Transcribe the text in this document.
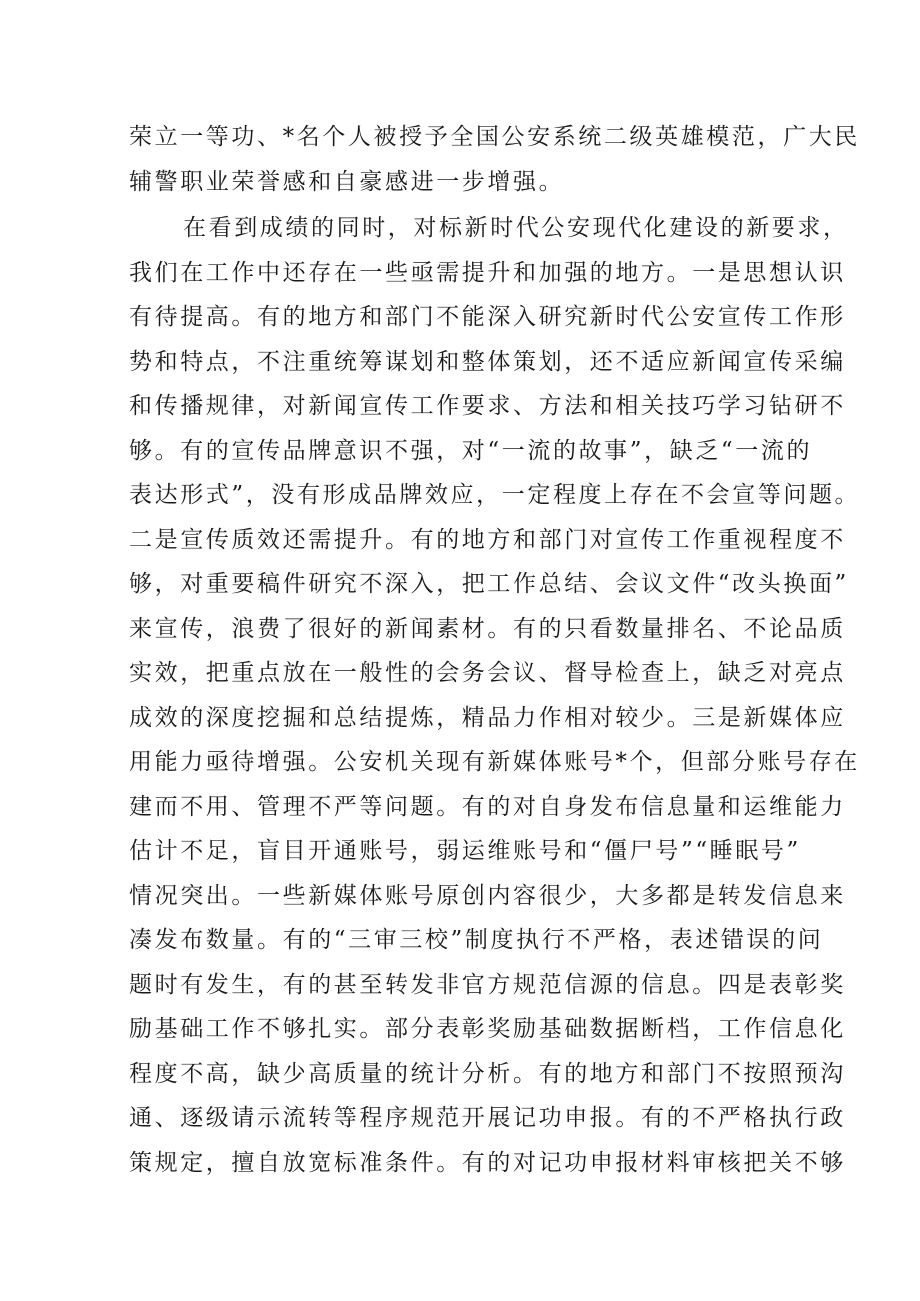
荣立一等功、*名个人被授予全国公安系统二级英雄模范，广大民
辅警职业荣誉感和自豪感进一步增强。
在看到成绩的同时，对标新时代公安现代化建设的新要求，
我们在工作中还存在一些亟需提升和加强的地方。一是思想认识
有待提高。有的地方和部门不能深入研究新时代公安宣传工作形
势和特点，不注重统筹谋划和整体策划，还不适应新闻宣传采编
和传播规律，对新闻宣传工作要求、方法和相关技巧学习钻研不
够。有的宣传品牌意识不强，对“一流的故事”，缺乏“一流的
表达形式”，没有形成品牌效应，一定程度上存在不会宣等问题。
二是宣传质效还需提升。有的地方和部门对宣传工作重视程度不
够，对重要稿件研究不深入，把工作总结、会议文件“改头换面”
来宣传，浪费了很好的新闻素材。有的只看数量排名、不论品质
实效，把重点放在一般性的会务会议、督导检查上，缺乏对亮点
成效的深度挖掘和总结提炼，精品力作相对较少。三是新媒体应
用能力亟待增强。公安机关现有新媒体账号*个，但部分账号存在
建而不用、管理不严等问题。有的对自身发布信息量和运维能力
估计不足，盲目开通账号，弱运维账号和“僵尸号”“睡眠号”
情况突出。一些新媒体账号原创内容很少，大多都是转发信息来
凑发布数量。有的“三审三校”制度执行不严格，表述错误的问
题时有发生，有的甚至转发非官方规范信源的信息。四是表彰奖
励基础工作不够扎实。部分表彰奖励基础数据断档，工作信息化
程度不高，缺少高质量的统计分析。有的地方和部门不按照预沟
通、逐级请示流转等程序规范开展记功申报。有的不严格执行政
策规定，擅自放宽标准条件。有的对记功申报材料审核把关不够
